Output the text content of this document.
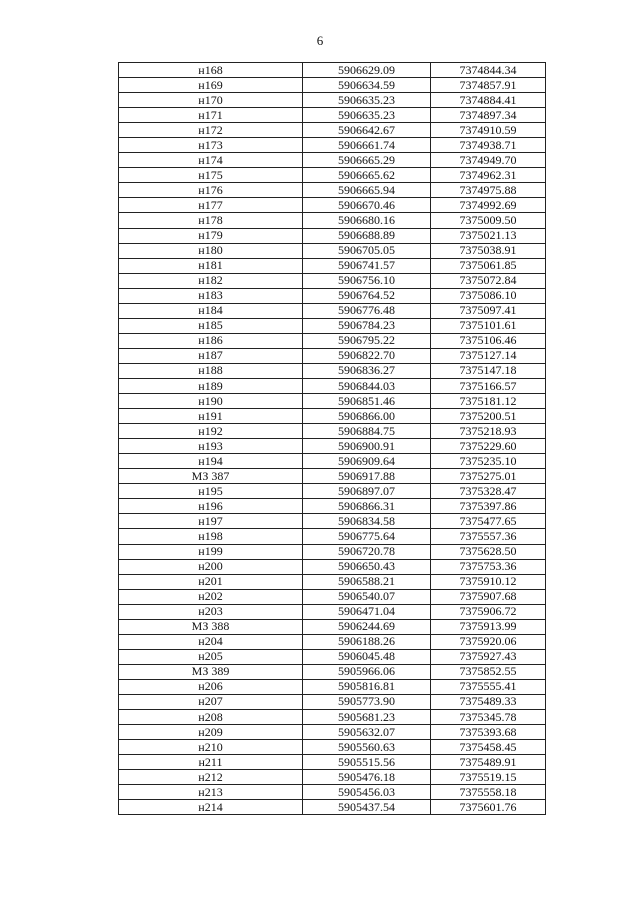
6
н168	5906629.09	7374844.34
н169	5906634.59	7374857.91
н170	5906635.23	7374884.41
н171	5906635.23	7374897.34
н172	5906642.67	7374910.59
н173	5906661.74	7374938.71
н174	5906665.29	7374949.70
н175	5906665.62	7374962.31
н176	5906665.94	7374975.88
н177	5906670.46	7374992.69
н178	5906680.16	7375009.50
н179	5906688.89	7375021.13
н180	5906705.05	7375038.91
н181	5906741.57	7375061.85
н182	5906756.10	7375072.84
н183	5906764.52	7375086.10
н184	5906776.48	7375097.41
н185	5906784.23	7375101.61
н186	5906795.22	7375106.46
н187	5906822.70	7375127.14
н188	5906836.27	7375147.18
н189	5906844.03	7375166.57
н190	5906851.46	7375181.12
н191	5906866.00	7375200.51
н192	5906884.75	7375218.93
н193	5906900.91	7375229.60
н194	5906909.64	7375235.10
МЗ 387	5906917.88	7375275.01
н195	5906897.07	7375328.47
н196	5906866.31	7375397.86
н197	5906834.58	7375477.65
н198	5906775.64	7375557.36
н199	5906720.78	7375628.50
н200	5906650.43	7375753.36
н201	5906588.21	7375910.12
н202	5906540.07	7375907.68
н203	5906471.04	7375906.72
МЗ 388	5906244.69	7375913.99
н204	5906188.26	7375920.06
н205	5906045.48	7375927.43
МЗ 389	5905966.06	7375852.55
н206	5905816.81	7375555.41
н207	5905773.90	7375489.33
н208	5905681.23	7375345.78
н209	5905632.07	7375393.68
н210	5905560.63	7375458.45
н211	5905515.56	7375489.91
н212	5905476.18	7375519.15
н213	5905456.03	7375558.18
н214	5905437.54	7375601.76
